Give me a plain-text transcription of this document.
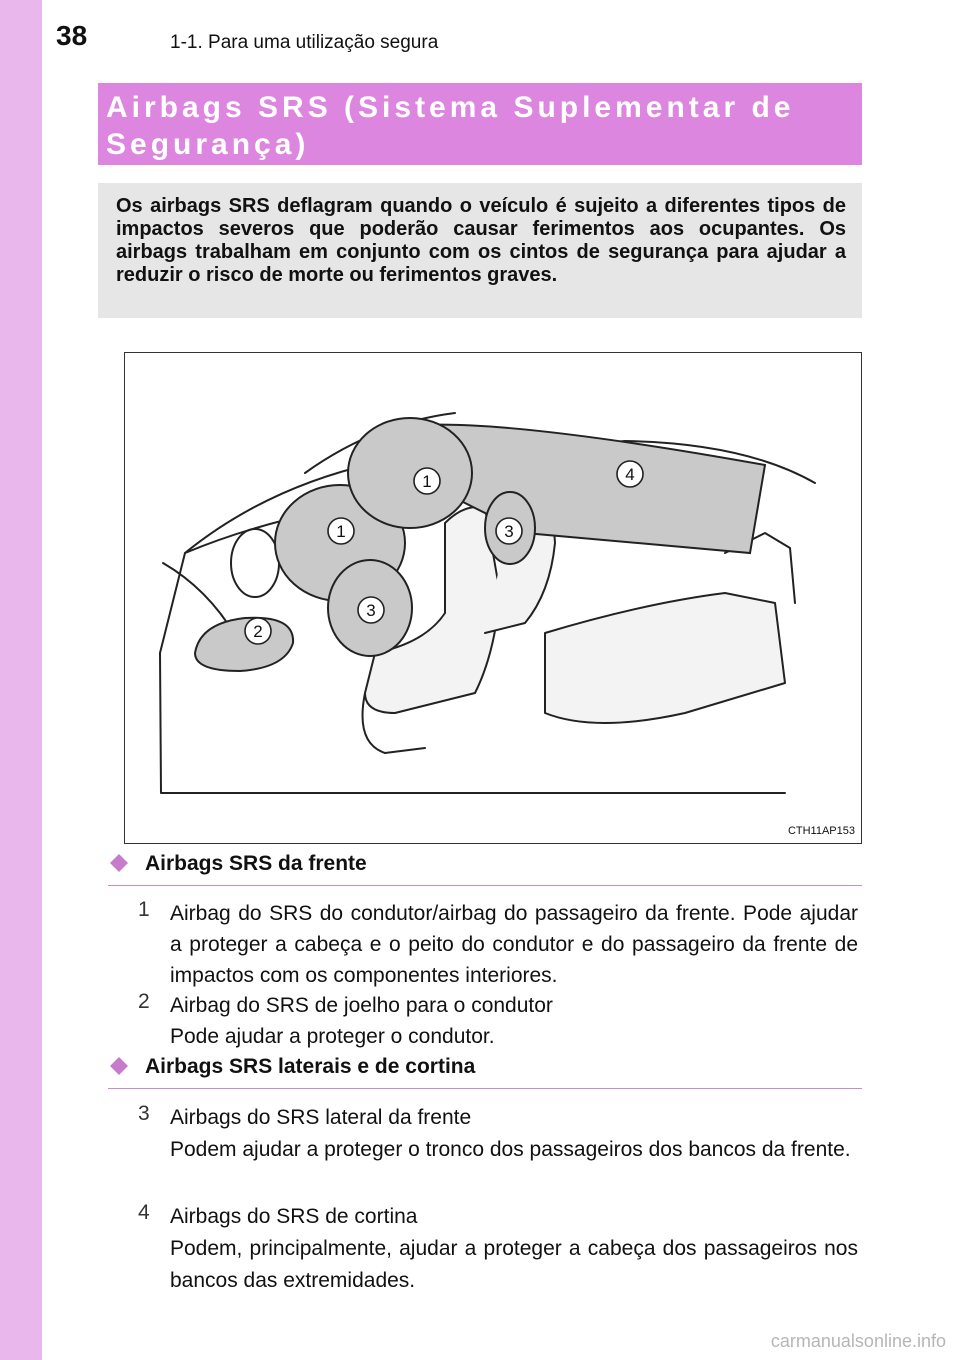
38	1-1. Para uma utilização segura

Airbags SRS (Sistema Suplementar de
Segurança)

Os airbags SRS deflagram quando o veículo é sujeito a diferentes tipos de impactos severos que poderão causar ferimentos aos ocupantes. Os airbags trabalham em conjunto com os cintos de segurança para ajudar a reduzir o risco de morte ou ferimentos graves.

1
1
2
3
3
4
CTH11AP153
Airbags SRS da frente
1 Airbag do SRS do condutor/airbag do passageiro da frente. Pode ajudar a proteger a cabeça e o peito do condutor e do passageiro da frente de impactos com os componentes interiores.

2 Airbag do SRS de joelho para o condutor
Pode ajudar a proteger o condutor.

Airbags SRS laterais e de cortina
3 Airbags do SRS lateral da frente
Podem ajudar a proteger o tronco dos passageiros dos bancos da frente.

4 Airbags do SRS de cortina
Podem, principalmente, ajudar a proteger a cabeça dos passageiros nos bancos das extremidades.

carmanualsonline.info
